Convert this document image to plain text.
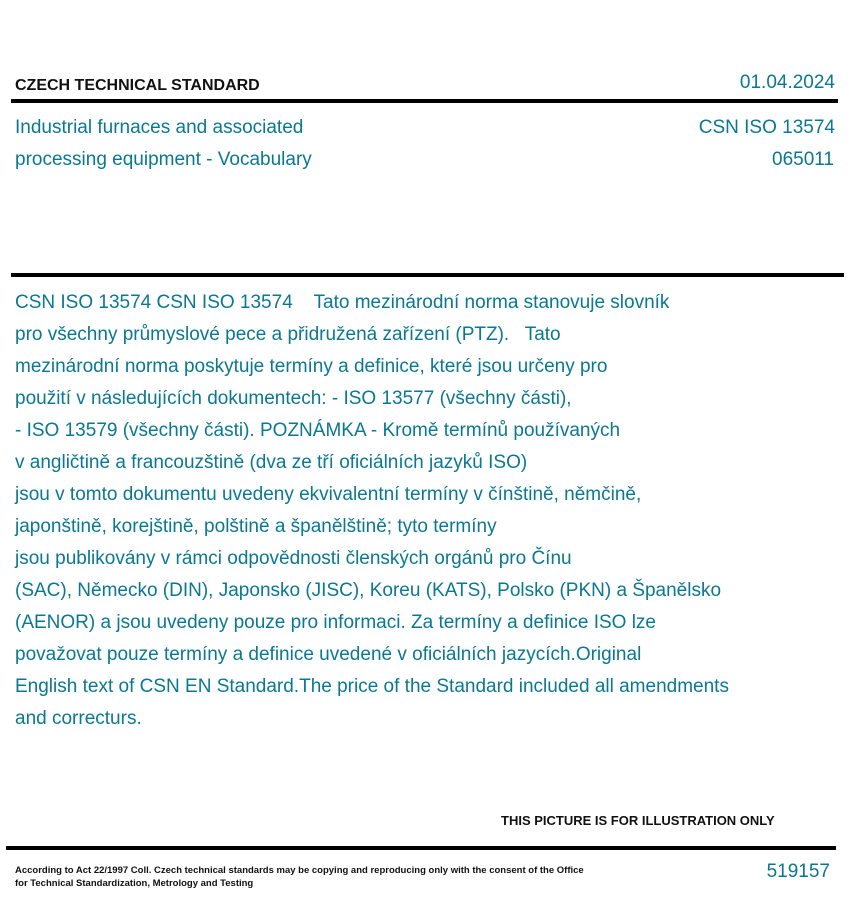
CZECH TECHNICAL STANDARD	01.04.2024
Industrial furnaces and associated
processing equipment - Vocabulary
CSN ISO 13574
065011
CSN ISO 13574 CSN ISO 13574    Tato mezinárodní norma stanovuje slovník
pro všechny průmyslové pece a přidružená zařízení (PTZ).   Tato
mezinárodní norma poskytuje termíny a definice, které jsou určeny pro
použití v následujících dokumentech: - ISO 13577 (všechny části),
- ISO 13579 (všechny části). POZNÁMKA - Kromě termínů používaných
v angličtině a francouzštině (dva ze tří oficiálních jazyků ISO)
jsou v tomto dokumentu uvedeny ekvivalentní termíny v čínštině, němčině,
japonštině, korejštině, polštině a španělštině; tyto termíny
jsou publikovány v rámci odpovědnosti členských orgánů pro Čínu
(SAC), Německo (DIN), Japonsko (JISC), Koreu (KATS), Polsko (PKN) a Španělsko
(AENOR) a jsou uvedeny pouze pro informaci. Za termíny a definice ISO lze
považovat pouze termíny a definice uvedené v oficiálních jazycích.Original
English text of CSN EN Standard.The price of the Standard included all amendments
and correcturs.
THIS PICTURE IS FOR ILLUSTRATION ONLY
According to Act 22/1997 Coll. Czech technical standards may be copying and reproducing only with the consent of the Office
for Technical Standardization, Metrology and Testing
519157
